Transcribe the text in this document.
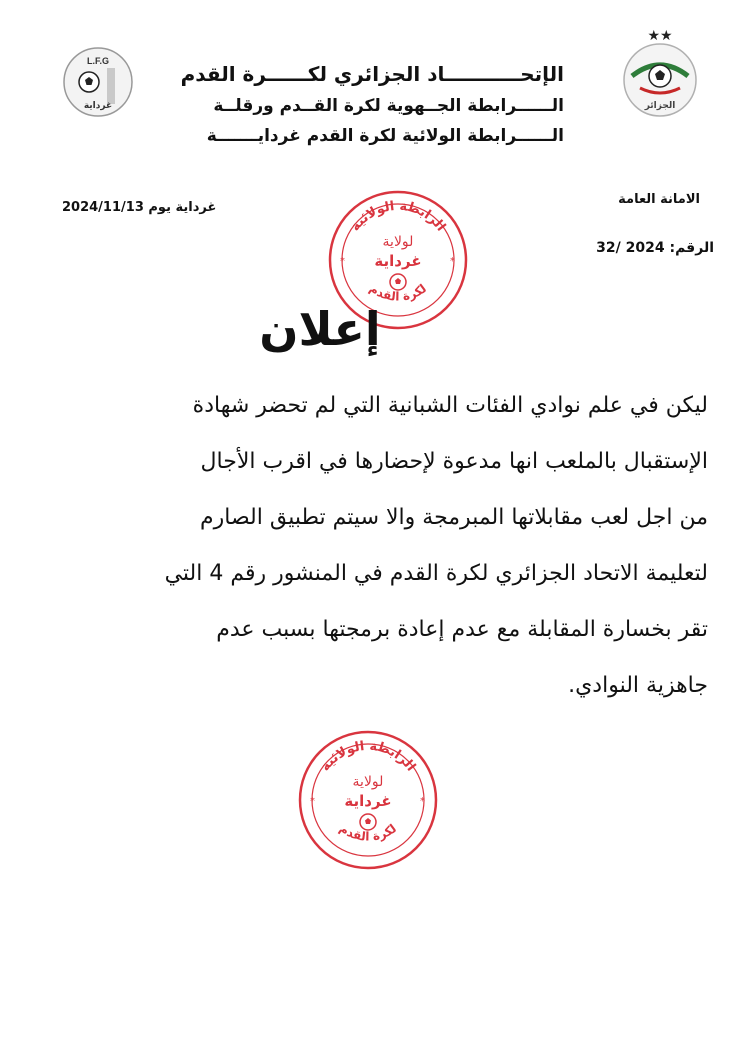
الإتحـــــــــــاد الجزائري لكــــــرة القدم
الــــــرابطة الجــهوية لكرة القــدم ورقلــة
الــــــرابطة الولائية لكرة القدم غردايـــــــة
L.F.G
غرداية
★★
الجزائر
الامانة العامة
غرداية يوم 2024/11/13
الرقم: 32/ 2024
الرابطة الولائية
لولاية
غرداية
لكرة القدم
*	*
إعلان
ليكن في علم نوادي الفئات الشبانية التي لم تحضر شهادة
الإستقبال بالملعب انها مدعوة لإحضارها في اقرب الأجال
من اجل لعب مقابلاتها المبرمجة والا سيتم تطبيق الصارم
لتعليمة الاتحاد الجزائري لكرة القدم في المنشور رقم 4 التي
تقر بخسارة المقابلة مع عدم إعادة برمجتها بسبب عدم
جاهزية النوادي.
الرابطة الولائية
لولاية
غرداية
لكرة القدم
*	*
